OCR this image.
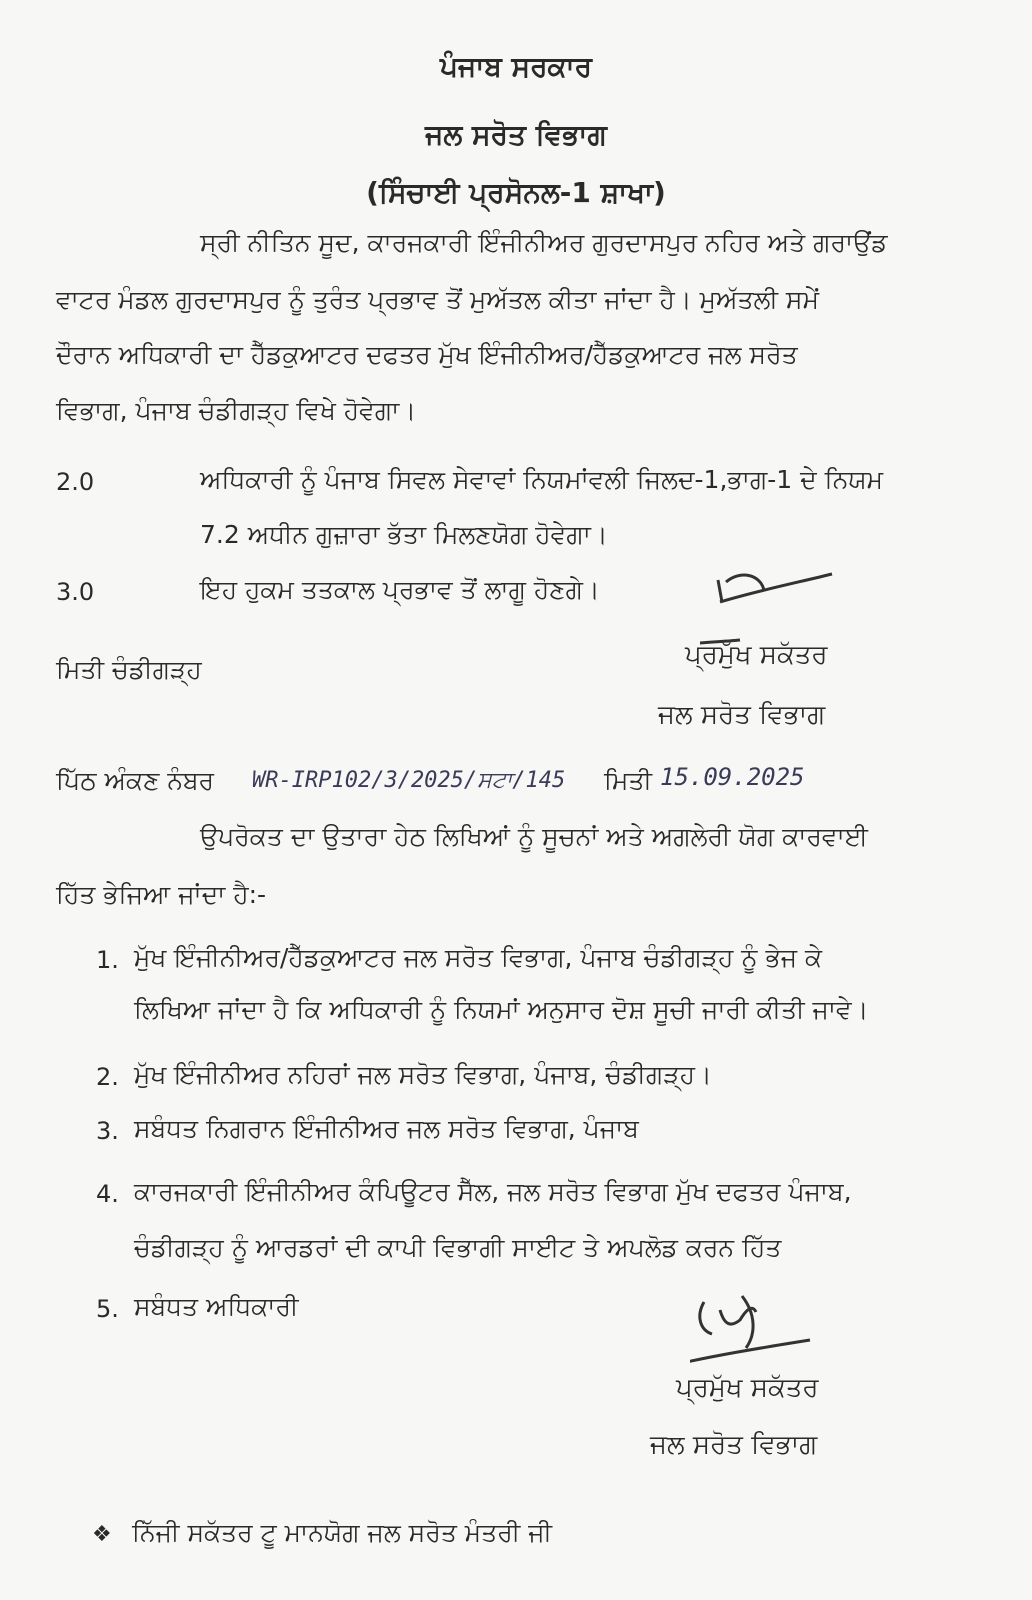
ਪੰਜਾਬ ਸਰਕਾਰ
ਜਲ ਸਰੋਤ ਵਿਭਾਗ
(ਸਿੰਚਾਈ ਪ੍ਰਸੋਨਲ-1 ਸ਼ਾਖਾ)
ਸ੍ਰੀ ਨੀਤਿਨ ਸੂਦ, ਕਾਰਜਕਾਰੀ ਇੰਜੀਨੀਅਰ ਗੁਰਦਾਸਪੁਰ ਨਹਿਰ ਅਤੇ ਗਰਾਉਂਡ
ਵਾਟਰ ਮੰਡਲ ਗੁਰਦਾਸਪੁਰ ਨੂੰ ਤੁਰੰਤ ਪ੍ਰਭਾਵ ਤੋਂ ਮੁਅੱਤਲ ਕੀਤਾ ਜਾਂਦਾ ਹੈ। ਮੁਅੱਤਲੀ ਸਮੇਂ
ਦੌਰਾਨ ਅਧਿਕਾਰੀ ਦਾ ਹੈੱਡਕੁਆਟਰ ਦਫਤਰ ਮੁੱਖ ਇੰਜੀਨੀਅਰ/ਹੈੱਡਕੁਆਟਰ ਜਲ ਸਰੋਤ
ਵਿਭਾਗ, ਪੰਜਾਬ ਚੰਡੀਗੜ੍ਹ ਵਿਖੇ ਹੋਵੇਗਾ।
2.0	ਅਧਿਕਾਰੀ ਨੂੰ ਪੰਜਾਬ ਸਿਵਲ ਸੇਵਾਵਾਂ ਨਿਯਮਾਂਵਲੀ ਜਿਲਦ-1,ਭਾਗ-1 ਦੇ ਨਿਯਮ
7.2 ਅਧੀਨ ਗੁਜ਼ਾਰਾ ਭੱਤਾ ਮਿਲਣਯੋਗ ਹੋਵੇਗਾ।
3.0	ਇਹ ਹੁਕਮ ਤਤਕਾਲ ਪ੍ਰਭਾਵ ਤੋਂ ਲਾਗੂ ਹੋਣਗੇ।
ਮਿਤੀ ਚੰਡੀਗੜ੍ਹ	ਪ੍ਰਮੁੱਖ ਸਕੱਤਰ
ਜਲ ਸਰੋਤ ਵਿਭਾਗ
ਪਿੱਠ ਅੰਕਣ ਨੰਬਰ WR-IRP102/3/2025/ਸਟਾ/145 ਮਿਤੀ 15.09.2025
ਉਪਰੋਕਤ ਦਾ ਉਤਾਰਾ ਹੇਠ ਲਿਖਿਆਂ ਨੂੰ ਸੂਚਨਾਂ ਅਤੇ ਅਗਲੇਰੀ ਯੋਗ ਕਾਰਵਾਈ
ਹਿੱਤ ਭੇਜਿਆ ਜਾਂਦਾ ਹੈ:-
1. ਮੁੱਖ ਇੰਜੀਨੀਅਰ/ਹੈੱਡਕੁਆਟਰ ਜਲ ਸਰੋਤ ਵਿਭਾਗ, ਪੰਜਾਬ ਚੰਡੀਗੜ੍ਹ ਨੂੰ ਭੇਜ ਕੇ
ਲਿਖਿਆ ਜਾਂਦਾ ਹੈ ਕਿ ਅਧਿਕਾਰੀ ਨੂੰ ਨਿਯਮਾਂ ਅਨੁਸਾਰ ਦੋਸ਼ ਸੂਚੀ ਜਾਰੀ ਕੀਤੀ ਜਾਵੇ।
2. ਮੁੱਖ ਇੰਜੀਨੀਅਰ ਨਹਿਰਾਂ ਜਲ ਸਰੋਤ ਵਿਭਾਗ, ਪੰਜਾਬ, ਚੰਡੀਗੜ੍ਹ।
3. ਸਬੰਧਤ ਨਿਗਰਾਨ ਇੰਜੀਨੀਅਰ ਜਲ ਸਰੋਤ ਵਿਭਾਗ, ਪੰਜਾਬ
4. ਕਾਰਜਕਾਰੀ ਇੰਜੀਨੀਅਰ ਕੰਪਿਊਟਰ ਸੈੱਲ, ਜਲ ਸਰੋਤ ਵਿਭਾਗ ਮੁੱਖ ਦਫਤਰ ਪੰਜਾਬ,
ਚੰਡੀਗੜ੍ਹ ਨੂੰ ਆਰਡਰਾਂ ਦੀ ਕਾਪੀ ਵਿਭਾਗੀ ਸਾਈਟ ਤੇ ਅਪਲੋਡ ਕਰਨ ਹਿੱਤ
5. ਸਬੰਧਤ ਅਧਿਕਾਰੀ
ਪ੍ਰਮੁੱਖ ਸਕੱਤਰ
ਜਲ ਸਰੋਤ ਵਿਭਾਗ
❖ ਨਿੱਜੀ ਸਕੱਤਰ ਟੂ ਮਾਨਯੋਗ ਜਲ ਸਰੋਤ ਮੰਤਰੀ ਜੀ
